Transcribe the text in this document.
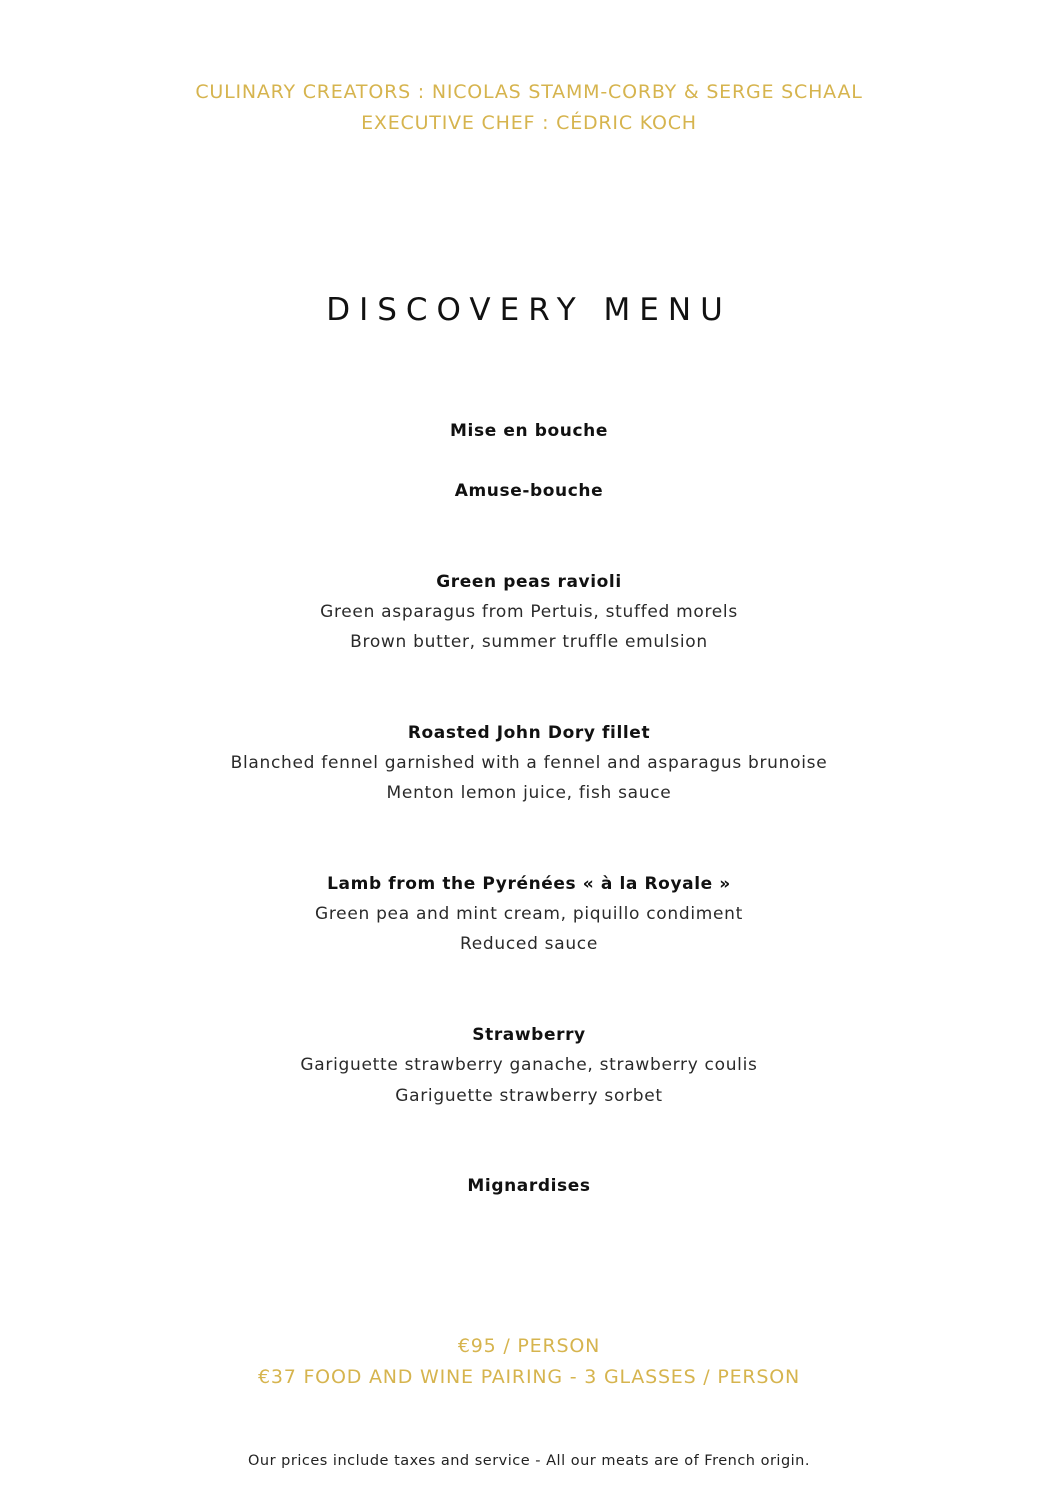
CULINARY CREATORS : NICOLAS STAMM-CORBY & SERGE SCHAAL
EXECUTIVE CHEF : CÉDRIC KOCH
DISCOVERY MENU
Mise en bouche
Amuse-bouche
Green peas ravioli
Green asparagus from Pertuis, stuffed morels
Brown butter, summer truffle emulsion
Roasted John Dory fillet
Blanched fennel garnished with a fennel and asparagus brunoise
Menton lemon juice, fish sauce
Lamb from the Pyrénées « à la Royale »
Green pea and mint cream, piquillo condiment
Reduced sauce
Strawberry
Gariguette strawberry ganache, strawberry coulis
Gariguette strawberry sorbet
Mignardises
€95 / PERSON
€37 FOOD AND WINE PAIRING - 3 GLASSES / PERSON
Our prices include taxes and service - All our meats are of French origin.
